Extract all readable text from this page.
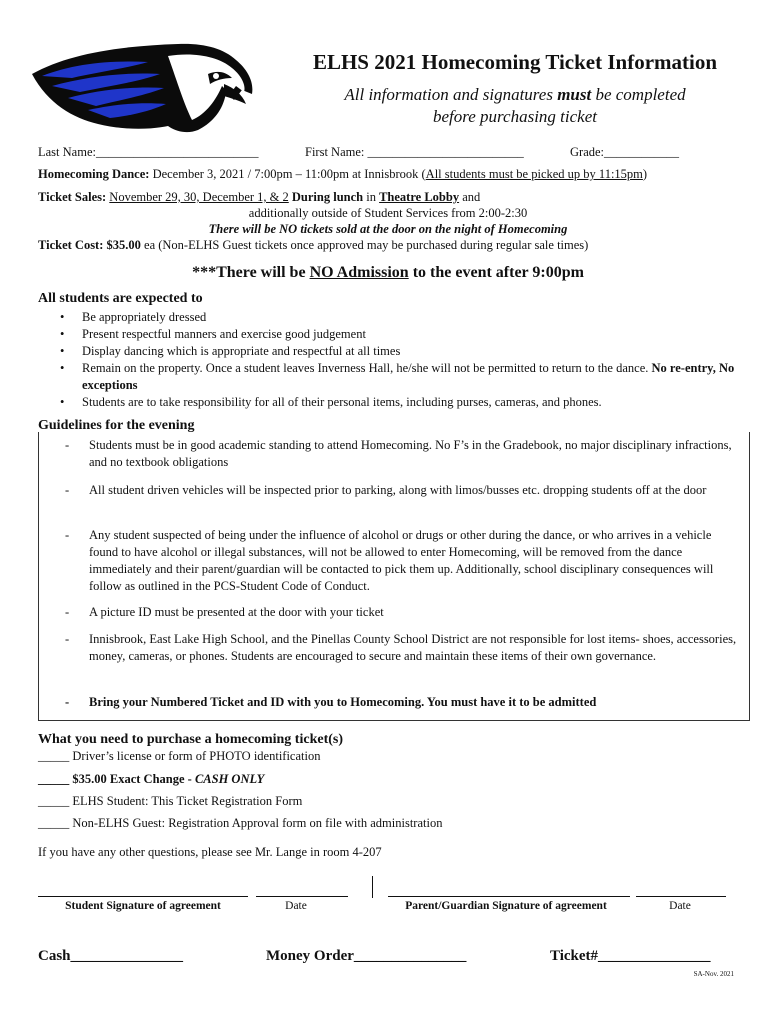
ELHS 2021 Homecoming Ticket Information
All information and signatures must be completed
before purchasing ticket
Last Name:__________________________	First Name: _________________________	Grade:____________
Homecoming Dance: December 3, 2021 / 7:00pm – 11:00pm at Innisbrook (All students must be picked up by 11:15pm)
Ticket Sales: November 29, 30, December 1, & 2 During lunch in Theatre Lobby and
additionally outside of Student Services from 2:00-2:30
There will be NO tickets sold at the door on the night of Homecoming
Ticket Cost: $35.00 ea (Non-ELHS Guest tickets once approved may be purchased during regular sale times)
***There will be NO Admission to the event after 9:00pm
All students are expected to
• Be appropriately dressed
• Present respectful manners and exercise good judgement
• Display dancing which is appropriate and respectful at all times
• Remain on the property. Once a student leaves Inverness Hall, he/she will not be permitted to return to the dance. No re-entry, No exceptions
• Students are to take responsibility for all of their personal items, including purses, cameras, and phones.
Guidelines for the evening
- Students must be in good academic standing to attend Homecoming. No F’s in the Gradebook, no major disciplinary infractions, and no textbook obligations
- All student driven vehicles will be inspected prior to parking, along with limos/busses etc. dropping students off at the door
- Any student suspected of being under the influence of alcohol or drugs or other during the dance, or who arrives in a vehicle found to have alcohol or illegal substances, will not be allowed to enter Homecoming, will be removed from the dance immediately and their parent/guardian will be contacted to pick them up. Additionally, school disciplinary consequences will follow as outlined in the PCS-Student Code of Conduct.
- A picture ID must be presented at the door with your ticket
- Innisbrook, East Lake High School, and the Pinellas County School District are not responsible for lost items- shoes, accessories, money, cameras, or phones. Students are encouraged to secure and maintain these items of their own governance.
- Bring your Numbered Ticket and ID with you to Homecoming. You must have it to be admitted
What you need to purchase a homecoming ticket(s)
_____ Driver’s license or form of PHOTO identification
_____ $35.00 Exact Change - CASH ONLY
_____ ELHS Student: This Ticket Registration Form
_____ Non-ELHS Guest: Registration Approval form on file with administration
If you have any other questions, please see Mr. Lange in room 4-207
Student Signature of agreement	Date	Parent/Guardian Signature of agreement	Date
Cash_______________	Money Order_______________	Ticket#_______________
SA-Nov. 2021
